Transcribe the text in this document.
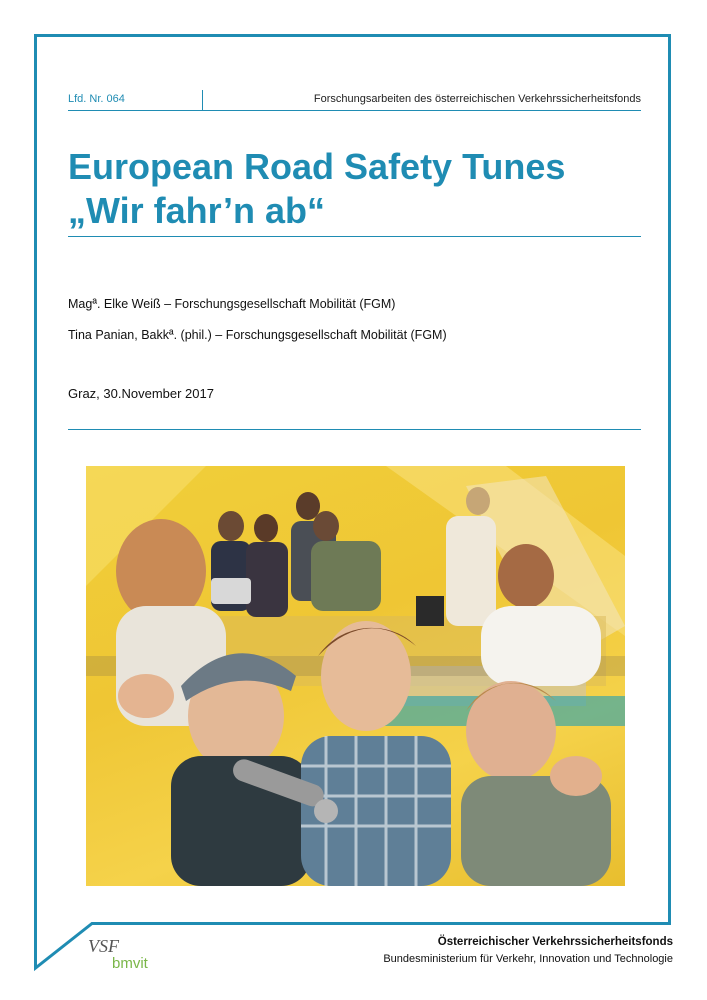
Lfd. Nr. 064	Forschungsarbeiten des österreichischen Verkehrssicherheitsfonds
European Road Safety Tunes
„Wir fahr’n ab“
Magª. Elke Weiß – Forschungsgesellschaft Mobilität (FGM)
Tina Panian, Bakkª. (phil.) – Forschungsgesellschaft Mobilität (FGM)
Graz, 30.November 2017
VSF
bmvit
Österreichischer Verkehrssicherheitsfonds
Bundesministerium für Verkehr, Innovation und Technologie
